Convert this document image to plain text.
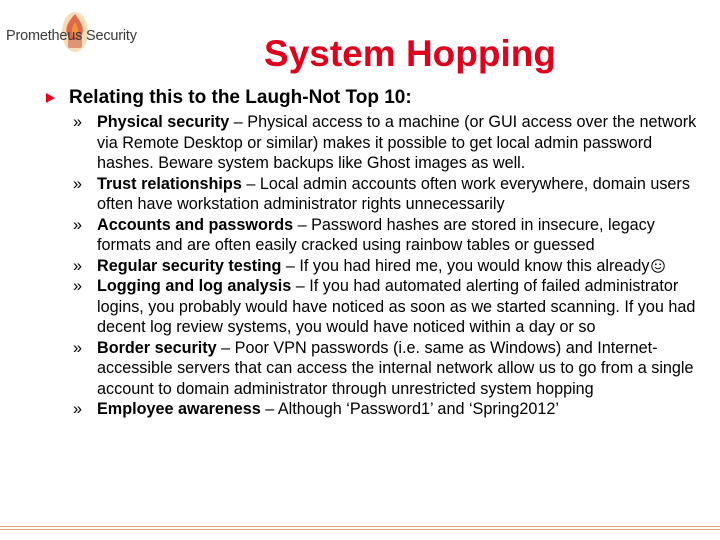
Prometheus Security	System Hopping
Relating this to the Laugh-Not Top 10:
» Physical security – Physical access to a machine (or GUI access over the network via Remote Desktop or similar) makes it possible to get local admin password hashes. Beware system backups like Ghost images as well.
» Trust relationships – Local admin accounts often work everywhere, domain users often have workstation administrator rights unnecessarily
» Accounts and passwords – Password hashes are stored in insecure, legacy formats and are often easily cracked using rainbow tables or guessed
» Regular security testing – If you had hired me, you would know this already
» Logging and log analysis – If you had automated alerting of failed administrator logins, you probably would have noticed as soon as we started scanning. If you had decent log review systems, you would have noticed within a day or so
» Border security – Poor VPN passwords (i.e. same as Windows) and Internet-accessible servers that can access the internal network allow us to go from a single account to domain administrator through unrestricted system hopping
» Employee awareness – Although ‘Password1’ and ‘Spring2012’
